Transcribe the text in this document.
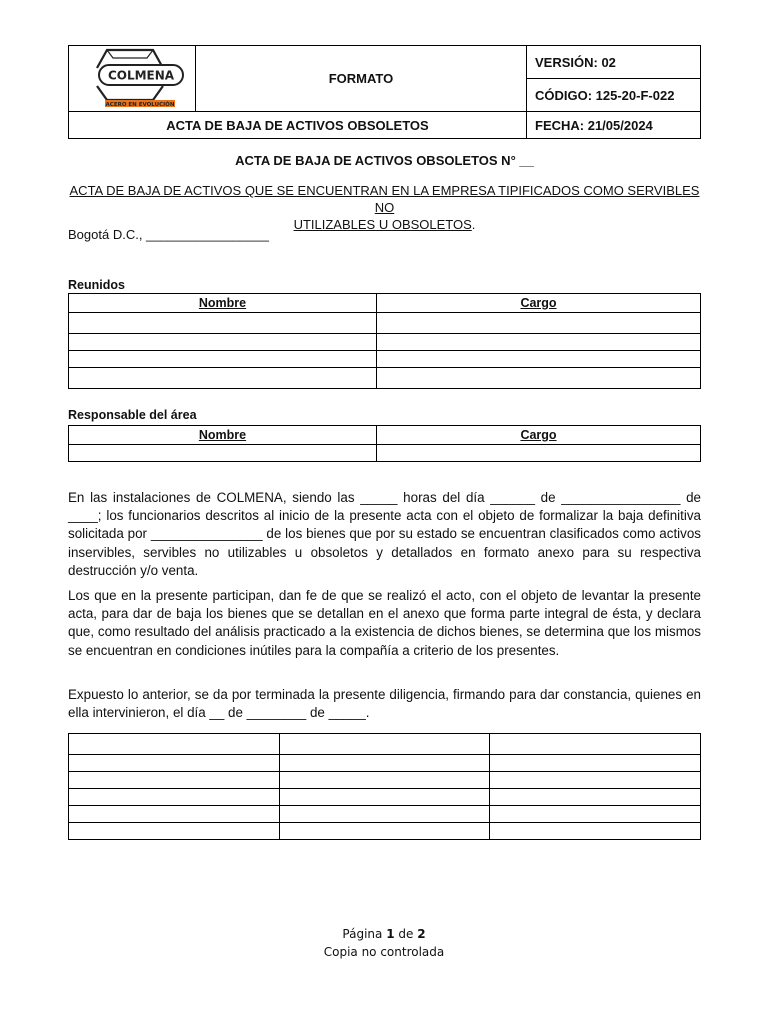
COLMENA
ACERO EN EVOLUCIÓN	FORMATO	VERSIÓN: 02
		CÓDIGO: 125-20-F-022
ACTA DE BAJA DE ACTIVOS OBSOLETOS		FECHA: 21/05/2024
ACTA DE BAJA DE ACTIVOS OBSOLETOS N° __
ACTA DE BAJA DE ACTIVOS QUE SE ENCUENTRAN EN LA EMPRESA TIPIFICADOS COMO SERVIBLES NO
UTILIZABLES U OBSOLETOS.
Bogotá D.C., _________________
Reunidos
Nombre	Cargo

Responsable del área
Nombre	Cargo

En las instalaciones de COLMENA, siendo las _____ horas del día ______ de ________________ de ____; los funcionarios descritos al inicio de la presente acta con el objeto de formalizar la baja definitiva solicitada por _______________ de los bienes que por su estado se encuentran clasificados como activos inservibles, servibles no utilizables u obsoletos y detallados en formato anexo para su respectiva destrucción y/o venta.

Los que en la presente participan, dan fe de que se realizó el acto, con el objeto de levantar la presente acta, para dar de baja los bienes que se detallan en el anexo que forma parte integral de ésta, y declara que, como resultado del análisis practicado a la existencia de dichos bienes, se determina que los mismos se encuentran en condiciones inútiles para la compañía a criterio de los presentes.

Expuesto lo anterior, se da por terminada la presente diligencia, firmando para dar constancia, quienes en ella intervinieron, el día __ de ________ de _____.

Página 1 de 2
Copia no controlada
